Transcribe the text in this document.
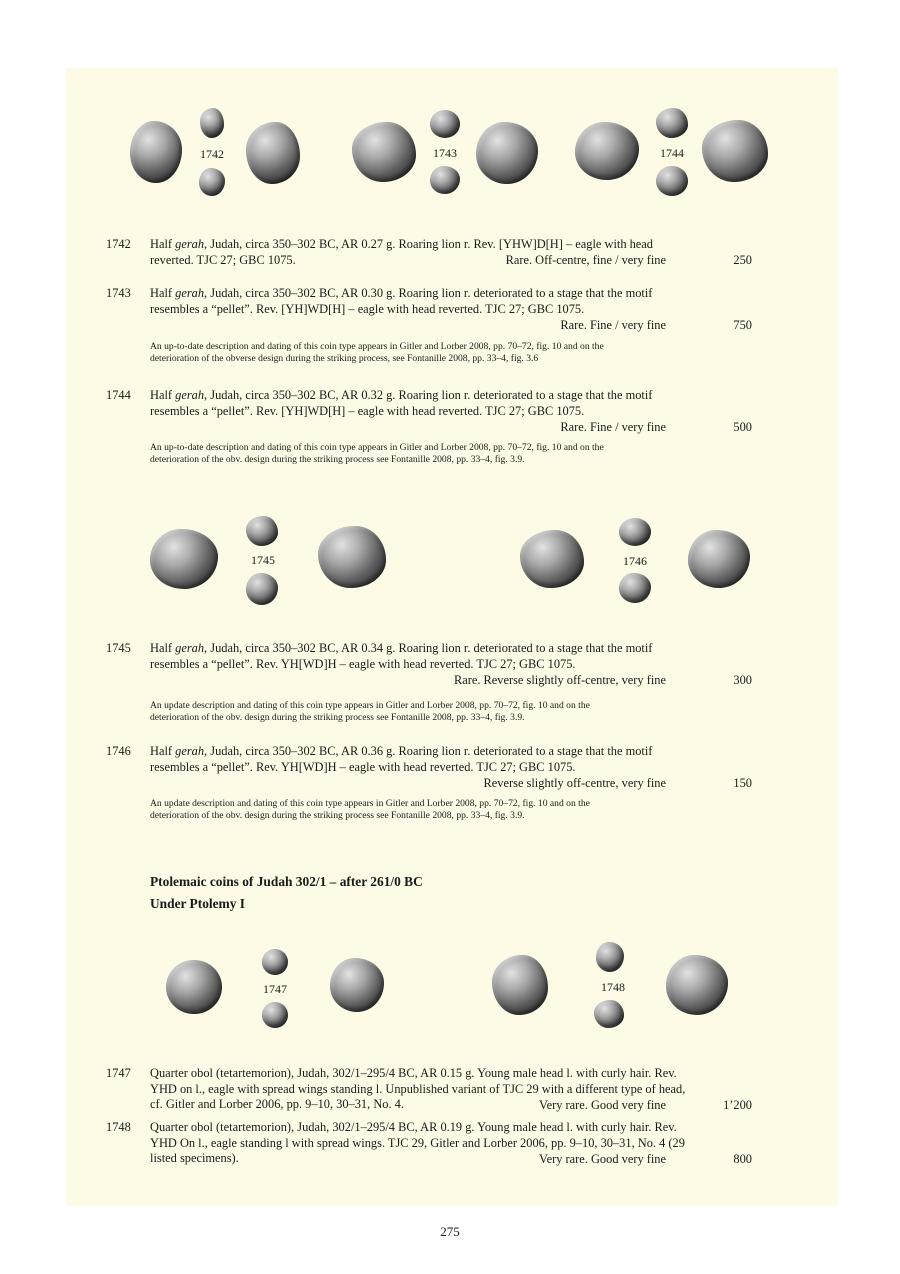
1742	1743	1744
1742	Half gerah, Judah, circa 350–302 BC, AR 0.27 g. Roaring lion r. Rev. [YHW]D[H] – eagle with head
reverted. TJC 27; GBC 1075.	Rare. Off-centre, fine / very fine	250
1743	Half gerah, Judah, circa 350–302 BC, AR 0.30 g. Roaring lion r. deteriorated to a stage that the motif
resembles a “pellet”. Rev. [YH]WD[H] – eagle with head reverted. TJC 27; GBC 1075.
Rare. Fine / very fine	750
An up-to-date description and dating of this coin type appears in Gitler and Lorber 2008, pp. 70–72, fig. 10 and on the
deterioration of the obverse design during the striking process, see Fontanille 2008, pp. 33–4, fig. 3.6
1744	Half gerah, Judah, circa 350–302 BC, AR 0.32 g. Roaring lion r. deteriorated to a stage that the motif
resembles a “pellet”. Rev. [YH]WD[H] – eagle with head reverted. TJC 27; GBC 1075.
Rare. Fine / very fine	500
An up-to-date description and dating of this coin type appears in Gitler and Lorber 2008, pp. 70–72, fig. 10 and on the
deterioration of the obv. design during the striking process see Fontanille 2008, pp. 33–4, fig. 3.9.
1745	1746
1745	Half gerah, Judah, circa 350–302 BC, AR 0.34 g. Roaring lion r. deteriorated to a stage that the motif
resembles a “pellet”. Rev. YH[WD]H – eagle with head reverted. TJC 27; GBC 1075.
Rare. Reverse slightly off-centre, very fine	300
An update description and dating of this coin type appears in Gitler and Lorber 2008, pp. 70–72, fig. 10 and on the
deterioration of the obv. design during the striking process see Fontanille 2008, pp. 33–4, fig. 3.9.
1746	Half gerah, Judah, circa 350–302 BC, AR 0.36 g. Roaring lion r. deteriorated to a stage that the motif
resembles a “pellet”. Rev. YH[WD]H – eagle with head reverted. TJC 27; GBC 1075.
Reverse slightly off-centre, very fine	150
An update description and dating of this coin type appears in Gitler and Lorber 2008, pp. 70–72, fig. 10 and on the
deterioration of the obv. design during the striking process see Fontanille 2008, pp. 33–4, fig. 3.9.
Ptolemaic coins of Judah 302/1 – after 261/0 BC
Under Ptolemy I
1747	1748
1747	Quarter obol (tetartemorion), Judah, 302/1–295/4 BC, AR 0.15 g. Young male head l. with curly hair. Rev.
YHD on l., eagle with spread wings standing l. Unpublished variant of TJC 29 with a different type of head,
cf. Gitler and Lorber 2006, pp. 9–10, 30–31, No. 4.	Very rare. Good very fine	1’200
1748	Quarter obol (tetartemorion), Judah, 302/1–295/4 BC, AR 0.19 g. Young male head l. with curly hair. Rev.
YHD On l., eagle standing l with spread wings. TJC 29, Gitler and Lorber 2006, pp. 9–10, 30–31, No. 4 (29
listed specimens).	Very rare. Good very fine	800
275
